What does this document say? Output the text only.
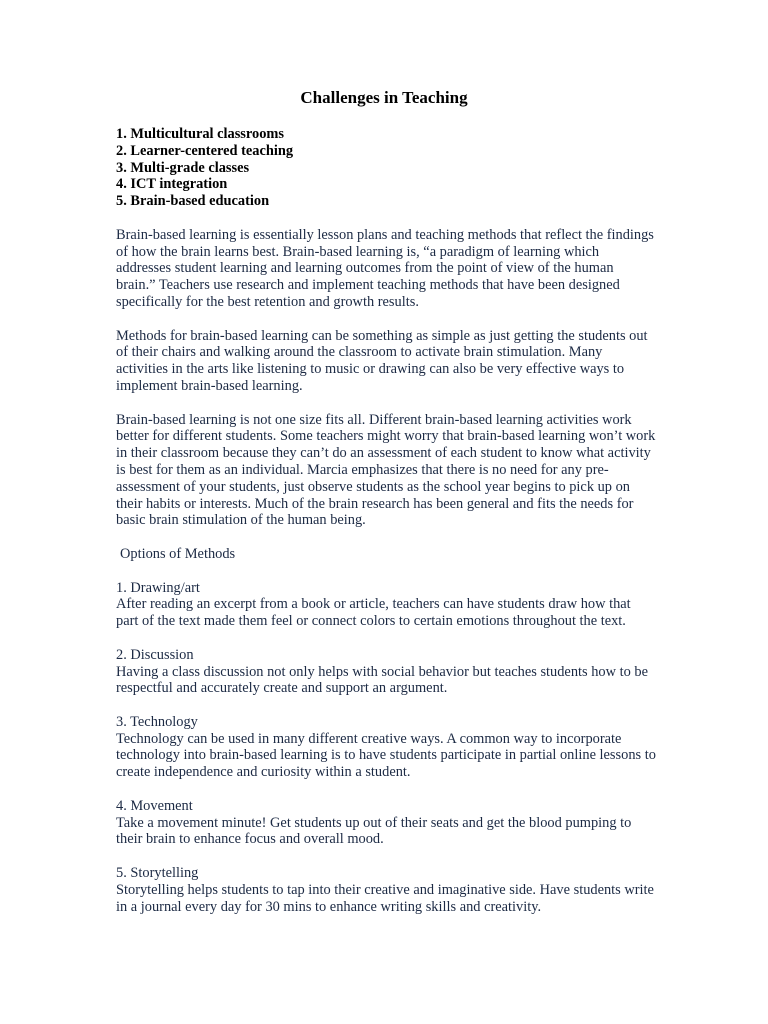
Challenges in Teaching
1. Multicultural classrooms
2. Learner-centered teaching
3. Multi-grade classes
4. ICT integration
5. Brain-based education

Brain-based learning is essentially lesson plans and teaching methods that reflect the findings of how the brain learns best. Brain-based learning is, “a paradigm of learning which addresses student learning and learning outcomes from the point of view of the human brain.” Teachers use research and implement teaching methods that have been designed specifically for the best retention and growth results.

Methods for brain-based learning can be something as simple as just getting the students out of their chairs and walking around the classroom to activate brain stimulation. Many activities in the arts like listening to music or drawing can also be very effective ways to implement brain-based learning.

Brain-based learning is not one size fits all. Different brain-based learning activities work better for different students. Some teachers might worry that brain-based learning won’t work in their classroom because they can’t do an assessment of each student to know what activity is best for them as an individual. Marcia emphasizes that there is no need for any pre-assessment of your students, just observe students as the school year begins to pick up on their habits or interests. Much of the brain research has been general and fits the needs for basic brain stimulation of the human being.

Options of Methods

1. Drawing/art

After reading an excerpt from a book or article, teachers can have students draw how that part of the text made them feel or connect colors to certain emotions throughout the text.

2. Discussion

Having a class discussion not only helps with social behavior but teaches students how to be respectful and accurately create and support an argument.

3. Technology

Technology can be used in many different creative ways. A common way to incorporate technology into brain-based learning is to have students participate in partial online lessons to create independence and curiosity within a student.

4. Movement

Take a movement minute! Get students up out of their seats and get the blood pumping to their brain to enhance focus and overall mood.

5. Storytelling

Storytelling helps students to tap into their creative and imaginative side. Have students write in a journal every day for 30 mins to enhance writing skills and creativity.
